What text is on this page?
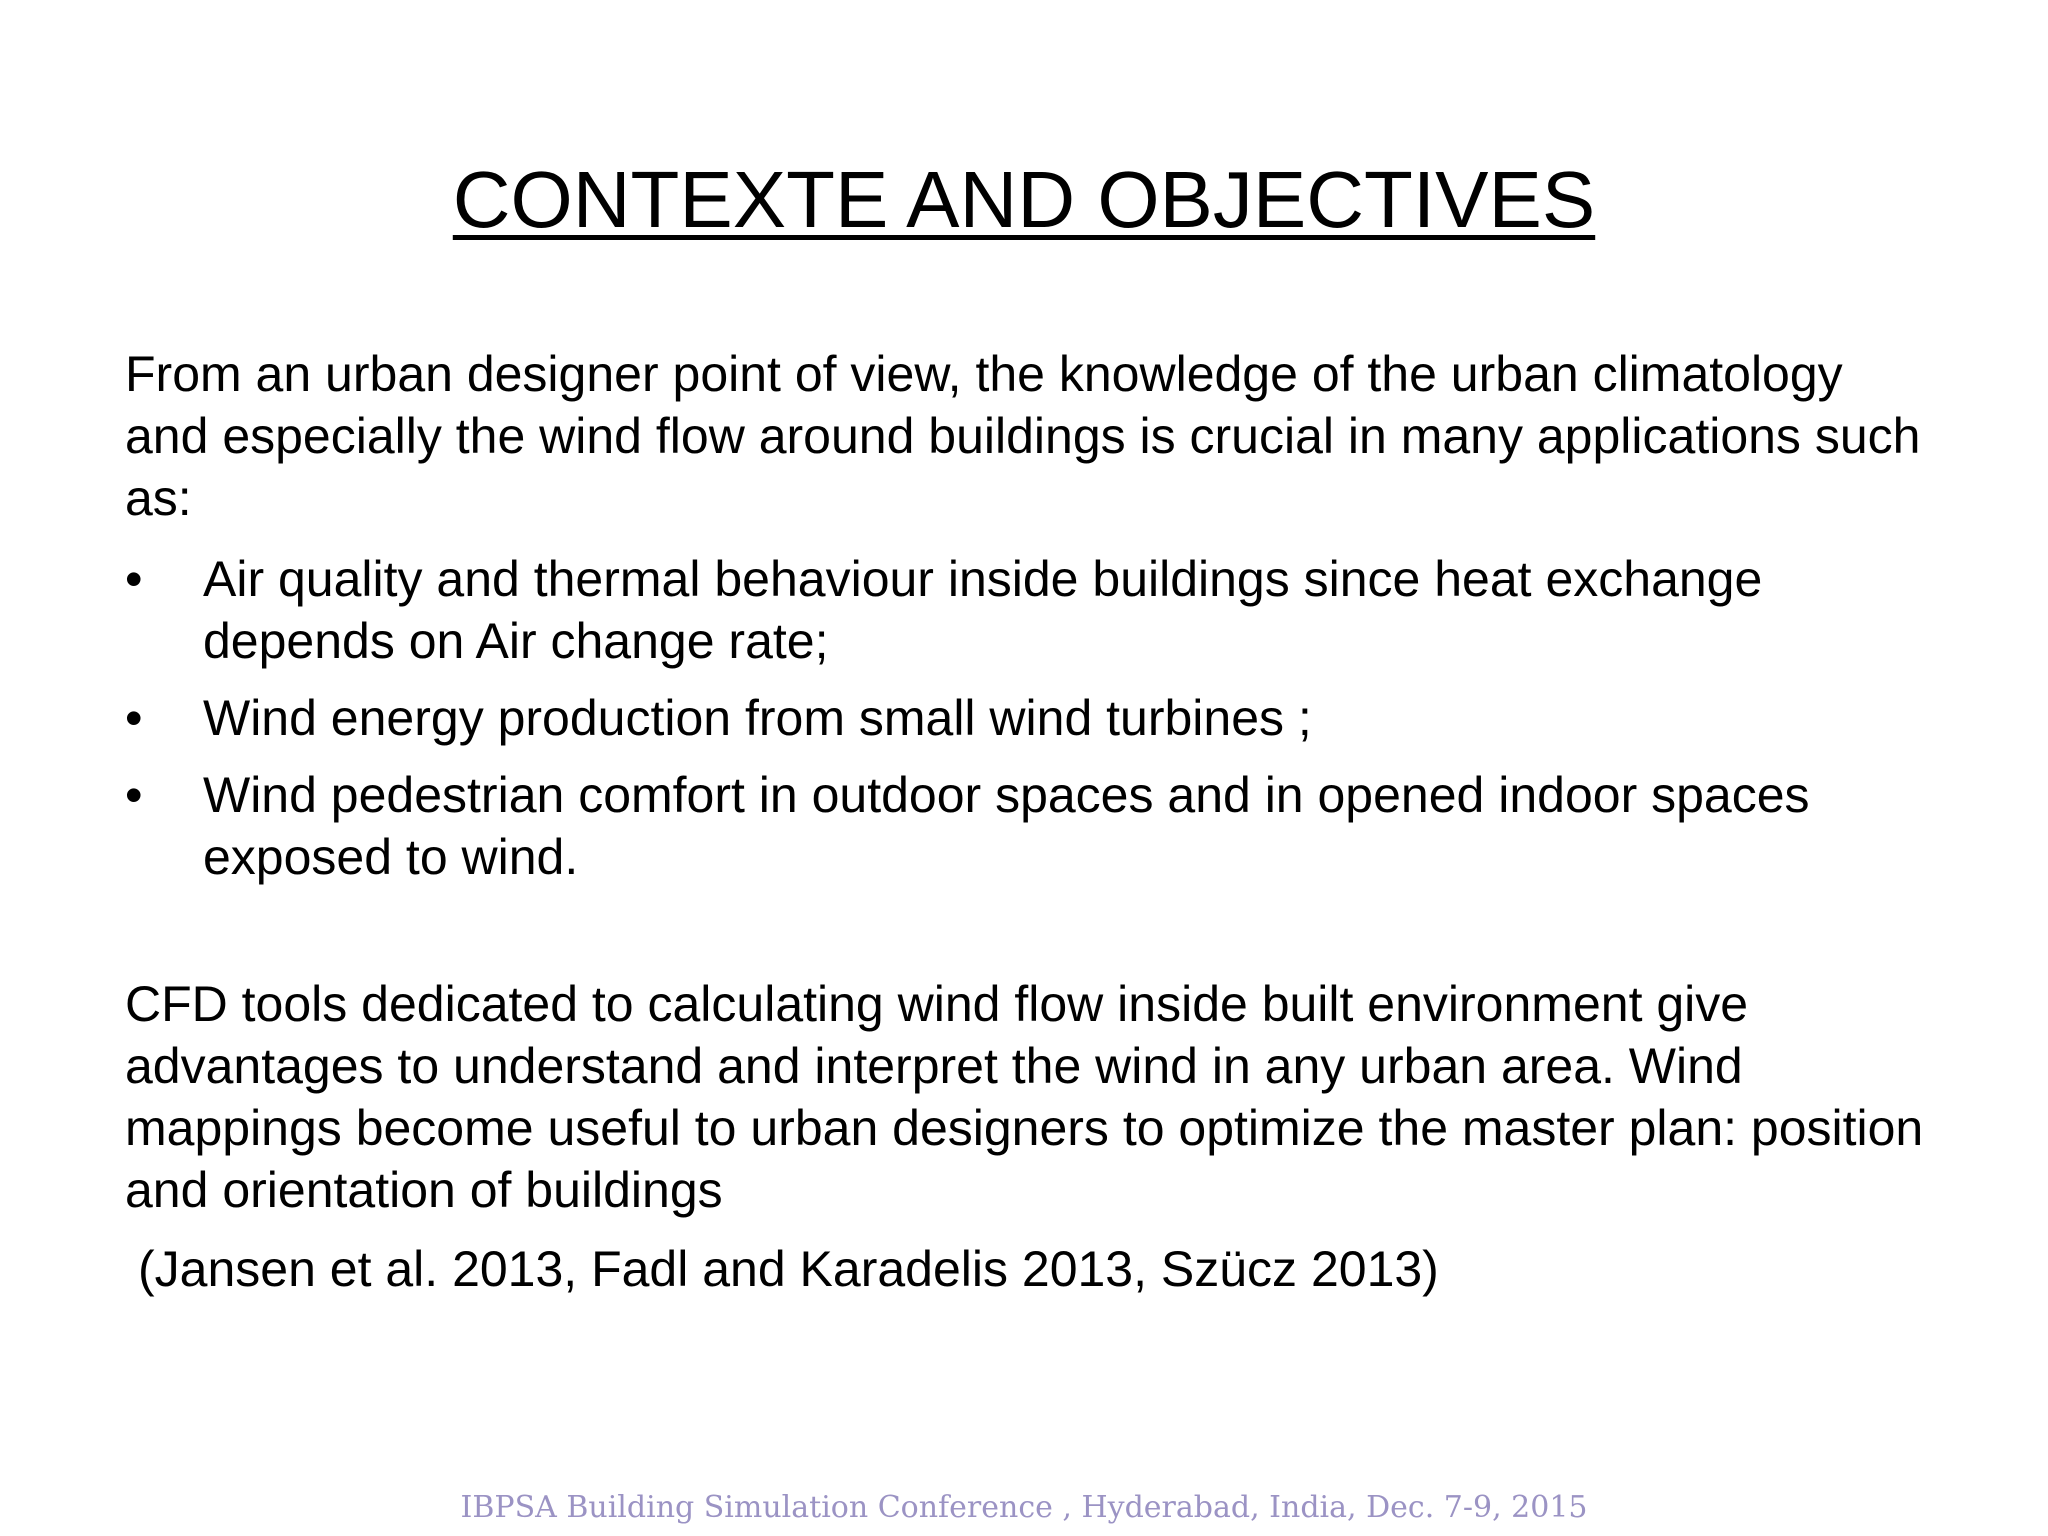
CONTEXTE AND OBJECTIVES

From an urban designer point of view, the knowledge of the urban climatology and especially the wind flow around buildings is crucial in many applications such as:

•	Air quality and thermal behaviour inside buildings since heat exchange depends on Air change rate;
•	Wind energy production from small wind turbines ;
•	Wind pedestrian comfort in outdoor spaces and in opened indoor spaces exposed to wind.

CFD tools dedicated to calculating wind flow inside built environment give advantages to understand and interpret the wind in any urban area. Wind mappings become useful to urban designers to optimize the master plan: position and orientation of buildings

(Jansen et al. 2013, Fadl and Karadelis 2013, Szücz 2013)
IBPSA Building Simulation Conference , Hyderabad, India, Dec. 7-9, 2015
